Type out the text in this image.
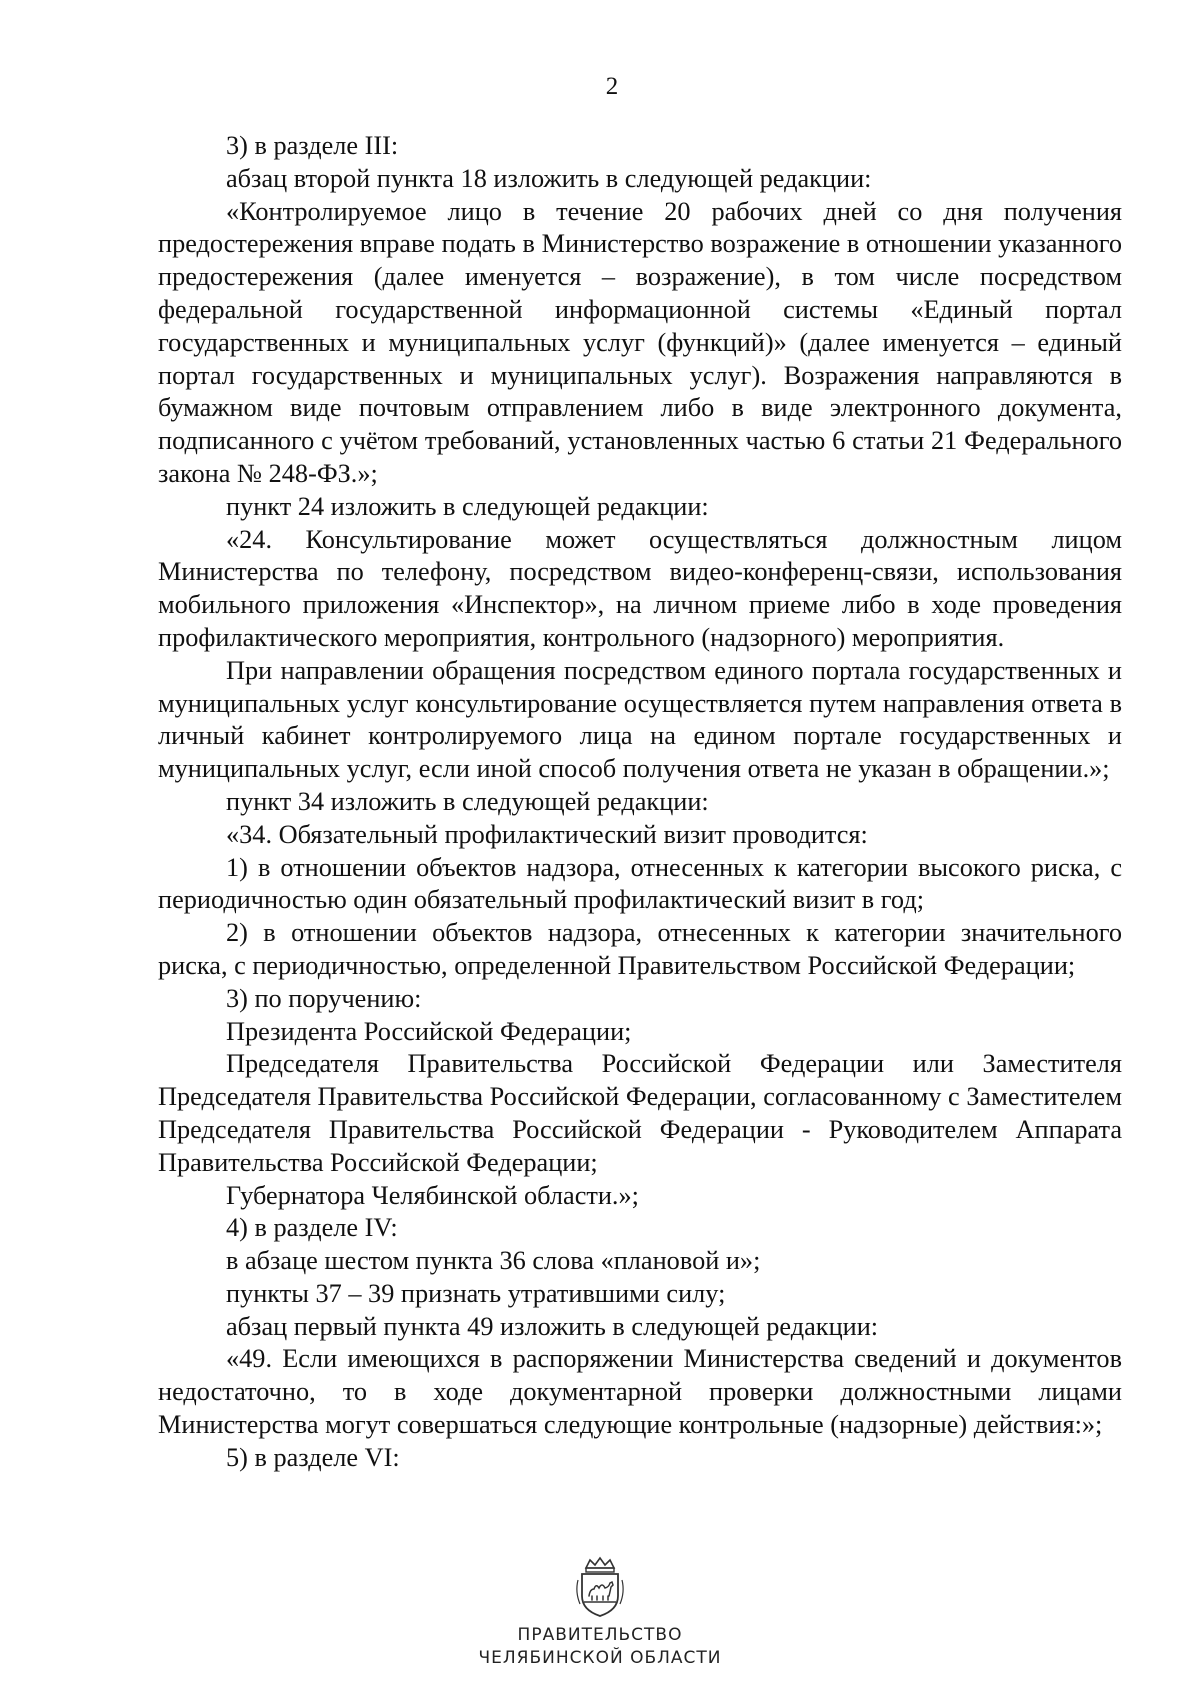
2

3) в разделе III:

абзац второй пункта 18 изложить в следующей редакции:

«Контролируемое лицо в течение 20 рабочих дней со дня получения предостережения вправе подать в Министерство возражение в отношении указанного предостережения (далее именуется – возражение), в том числе посредством федеральной государственной информационной системы «Единый портал государственных и муниципальных услуг (функций)» (далее именуется – единый портал государственных и муниципальных услуг). Возражения направляются в бумажном виде почтовым отправлением либо в виде электронного документа, подписанного с учётом требований, установленных частью 6 статьи 21 Федерального закона № 248-ФЗ.»;

пункт 24 изложить в следующей редакции:

«24. Консультирование может осуществляться должностным лицом Министерства по телефону, посредством видео-конференц-связи, использования мобильного приложения «Инспектор», на личном приеме либо в ходе проведения профилактического мероприятия, контрольного (надзорного) мероприятия.

При направлении обращения посредством единого портала государственных и муниципальных услуг консультирование осуществляется путем направления ответа в личный кабинет контролируемого лица на едином портале государственных и муниципальных услуг, если иной способ получения ответа не указан в обращении.»;

пункт 34 изложить в следующей редакции:

«34. Обязательный профилактический визит проводится:

1) в отношении объектов надзора, отнесенных к категории высокого риска, с периодичностью один обязательный профилактический визит в год;

2) в отношении объектов надзора, отнесенных к категории значительного риска, с периодичностью, определенной Правительством Российской Федерации;

3) по поручению:

Президента Российской Федерации;

Председателя Правительства Российской Федерации или Заместителя Председателя Правительства Российской Федерации, согласованному с Заместителем Председателя Правительства Российской Федерации - Руководителем Аппарата Правительства Российской Федерации;

Губернатора Челябинской области.»;

4) в разделе IV:

в абзаце шестом пункта 36 слова «плановой и»;

пункты 37 – 39 признать утратившими силу;

абзац первый пункта 49 изложить в следующей редакции:

«49. Если имеющихся в распоряжении Министерства сведений и документов недостаточно, то в ходе документарной проверки должностными лицами Министерства могут совершаться следующие контрольные (надзорные) действия:»;

5) в разделе VI:

ПРАВИТЕЛЬСТВО
ЧЕЛЯБИНСКОЙ ОБЛАСТИ
